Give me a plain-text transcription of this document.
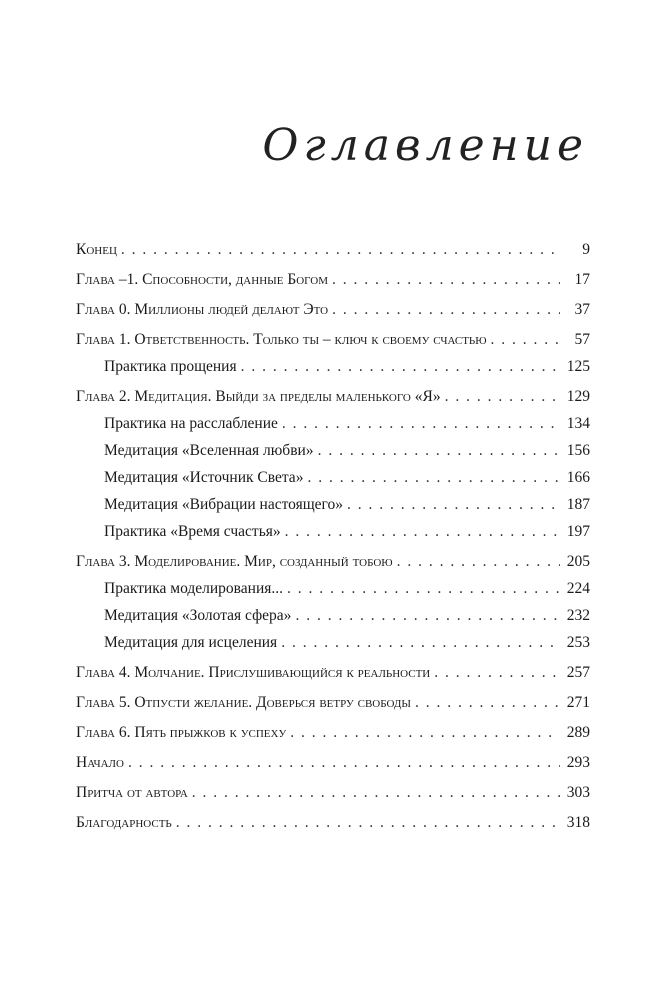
Оглавление
Конец . . .	9
Глава –1. Способности, данные Богом . . .	17
Глава 0. Миллионы людей делают Это . . .	37
Глава 1. Ответственность. Только ты – ключ к своему счастью . . .	57
Практика прощения . . .	125
Глава 2. Медитация. Выйди за пределы маленького «Я» . . .	129
Практика на расслабление . . .	134
Медитация «Вселенная любви» . . .	156
Медитация «Источник Света» . . .	166
Медитация «Вибрации настоящего» . . .	187
Практика «Время счастья» . . .	197
Глава 3. Моделирование. Мир, созданный тобою . . .	205
Практика моделирования... . . .	224
Медитация «Золотая сфера» . . .	232
Медитация для исцеления . . .	253
Глава 4. Молчание. Прислушивающийся к реальности . . .	257
Глава 5. Отпусти желание. Доверься ветру свободы . . .	271
Глава 6. Пять прыжков к успеху . . .	289
Начало . . .	293
Притча от автора . . .	303
Благодарность . . .	318
